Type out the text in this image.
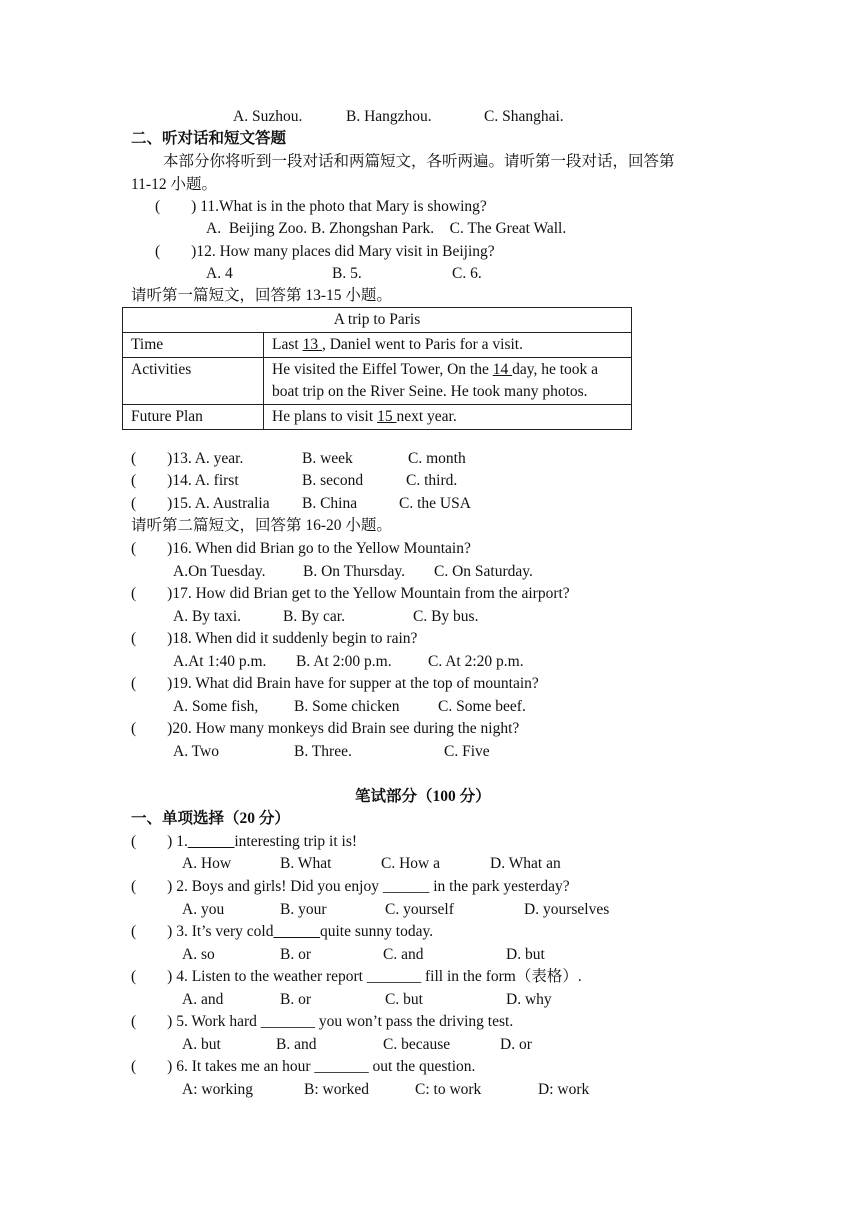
A. Suzhou.	B. Hangzhou.	C. Shanghai.
二、听对话和短文答题
本部分你将听到一段对话和两篇短文，各听两遍。请听第一段对话，回答第
11-12 小题。
(        ) 11.What is in the photo that Mary is showing?
A.  Beijing Zoo. B. Zhongshan Park.    C. The Great Wall.
(        )12. How many places did Mary visit in Beijing?
A. 4	B. 5.	C. 6.
请听第一篇短文，回答第 13-15 小题。
A trip to Paris	
Time	Last 13 , Daniel went to Paris for a visit.
Activities	He visited the Eiffel Tower, On the 14 day, he took a boat trip on the River Seine. He took many photos.
Future Plan	He plans to visit 15 next year.
(        )13. A. year.	B. week	C. month
(        )14. A. first	B. second	C. third.
(        )15. A. Australia B. China	C. the USA
请听第二篇短文，回答第 16-20 小题。
(        )16. When did Brian go to the Yellow Mountain?
A.On Tuesday. B. On Thursday. C. On Saturday.
(        )17. How did Brian get to the Yellow Mountain from the airport?
A. By taxi.	B. By car.	C. By bus.
(        )18. When did it suddenly begin to rain?
A.At 1:40 p.m. B. At 2:00 p.m. C. At 2:20 p.m.
(        )19. What did Brain have for supper at the top of mountain?
A. Some fish, B. Some chicken C. Some beef.
(        )20. How many monkeys did Brain see during the night?
A. Two	B. Three.	C. Five
笔试部分（100 分）
一、单项选择（20 分）
(        ) 1.______interesting trip it is!
A. How	B. What	C. How a	D. What an
(        ) 2. Boys and girls! Did you enjoy ______ in the park yesterday?
A. you	B. your	C. yourself	D. yourselves
(        ) 3. It’s very cold______quite sunny today.
A. so	B. or	C. and	D. but
(        ) 4. Listen to the weather report _______ fill in the form（表格）.
A. and	B. or	C. but	D. why
(        ) 5. Work hard _______ you won’t pass the driving test.
A. but	B. and	C. because	D. or
(        ) 6. It takes me an hour _______ out the question.
A: working	B: worked	C: to work	D: work
